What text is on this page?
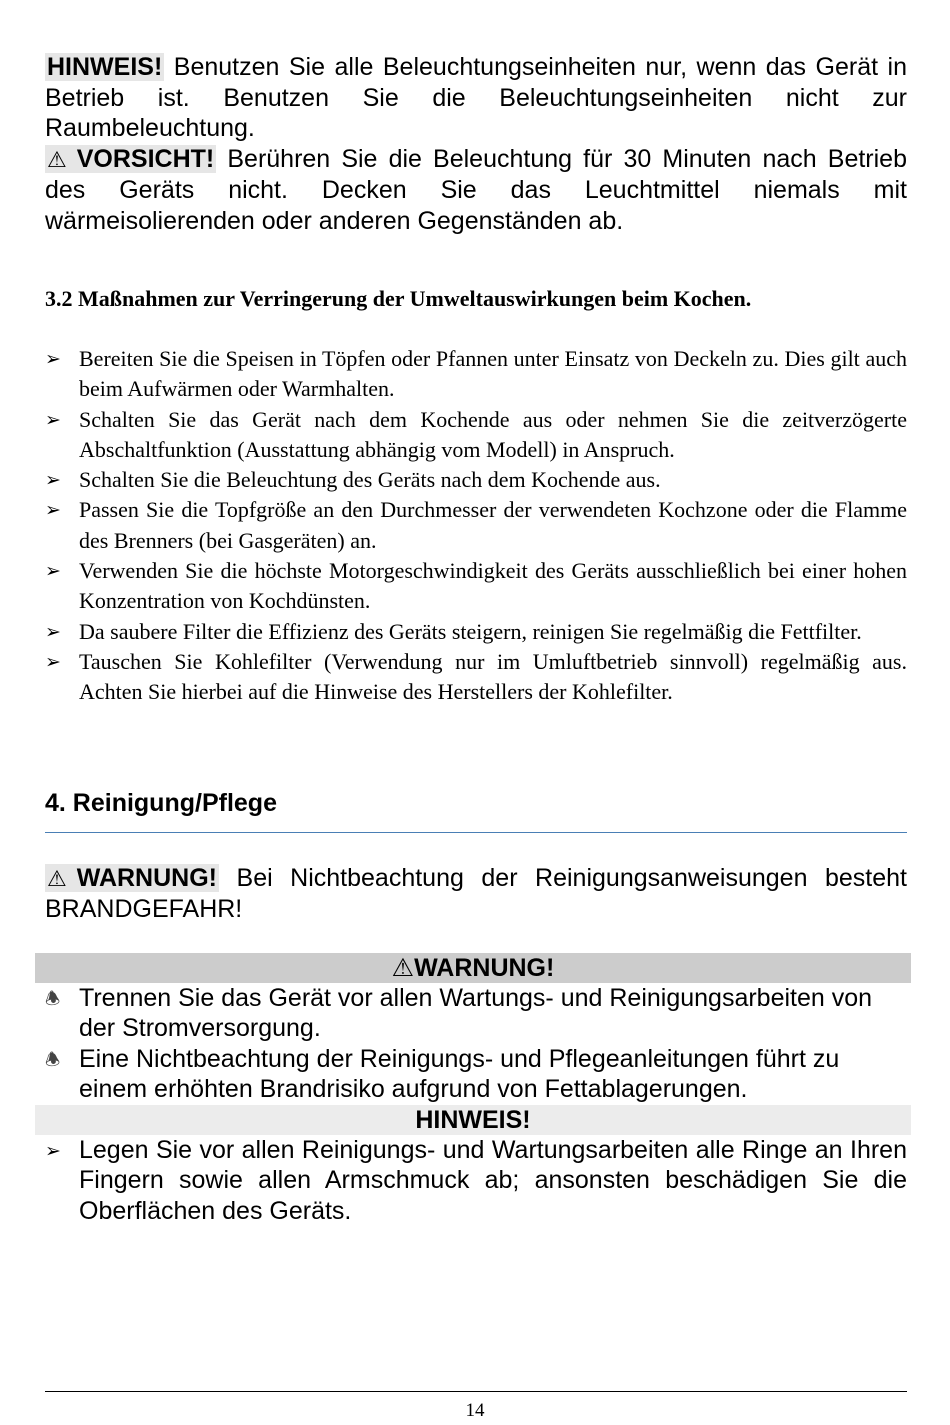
HINWEIS! Benutzen Sie alle Beleuchtungseinheiten nur, wenn das Gerät in Betrieb ist. Benutzen Sie die Beleuchtungseinheiten nicht zur Raumbeleuchtung.

⚠ VORSICHT! Berühren Sie die Beleuchtung für 30 Minuten nach Betrieb des Geräts nicht. Decken Sie das Leuchtmittel niemals mit wärmeisolierenden oder anderen Gegenständen ab.

3.2 Maßnahmen zur Verringerung der Umweltauswirkungen beim Kochen.

➢ Bereiten Sie die Speisen in Töpfen oder Pfannen unter Einsatz von Deckeln zu. Dies gilt auch beim Aufwärmen oder Warmhalten.
➢ Schalten Sie das Gerät nach dem Kochende aus oder nehmen Sie die zeitverzögerte Abschaltfunktion (Ausstattung abhängig vom Modell) in Anspruch.
➢ Schalten Sie die Beleuchtung des Geräts nach dem Kochende aus.
➢ Passen Sie die Topfgröße an den Durchmesser der verwendeten Kochzone oder die Flamme des Brenners (bei Gasgeräten) an.
➢ Verwenden Sie die höchste Motorgeschwindigkeit des Geräts ausschließlich bei einer hohen Konzentration von Kochdünsten.
➢ Da saubere Filter die Effizienz des Geräts steigern, reinigen Sie regelmäßig die Fettfilter.
➢ Tauschen Sie Kohlefilter (Verwendung nur im Umluftbetrieb sinnvoll) regelmäßig aus. Achten Sie hierbei auf die Hinweise des Herstellers der Kohlefilter.

4. Reinigung/Pflege

⚠ WARNUNG! Bei Nichtbeachtung der Reinigungsanweisungen besteht BRANDGEFAHR!

⚠WARNUNG!
🕭 Trennen Sie das Gerät vor allen Wartungs- und Reinigungsarbeiten von der Stromversorgung.
🕭 Eine Nichtbeachtung der Reinigungs- und Pflegeanleitungen führt zu einem erhöhten Brandrisiko aufgrund von Fettablagerungen.
HINWEIS!
➢ Legen Sie vor allen Reinigungs- und Wartungsarbeiten alle Ringe an Ihren Fingern sowie allen Armschmuck ab; ansonsten beschädigen Sie die Oberflächen des Geräts.
14
